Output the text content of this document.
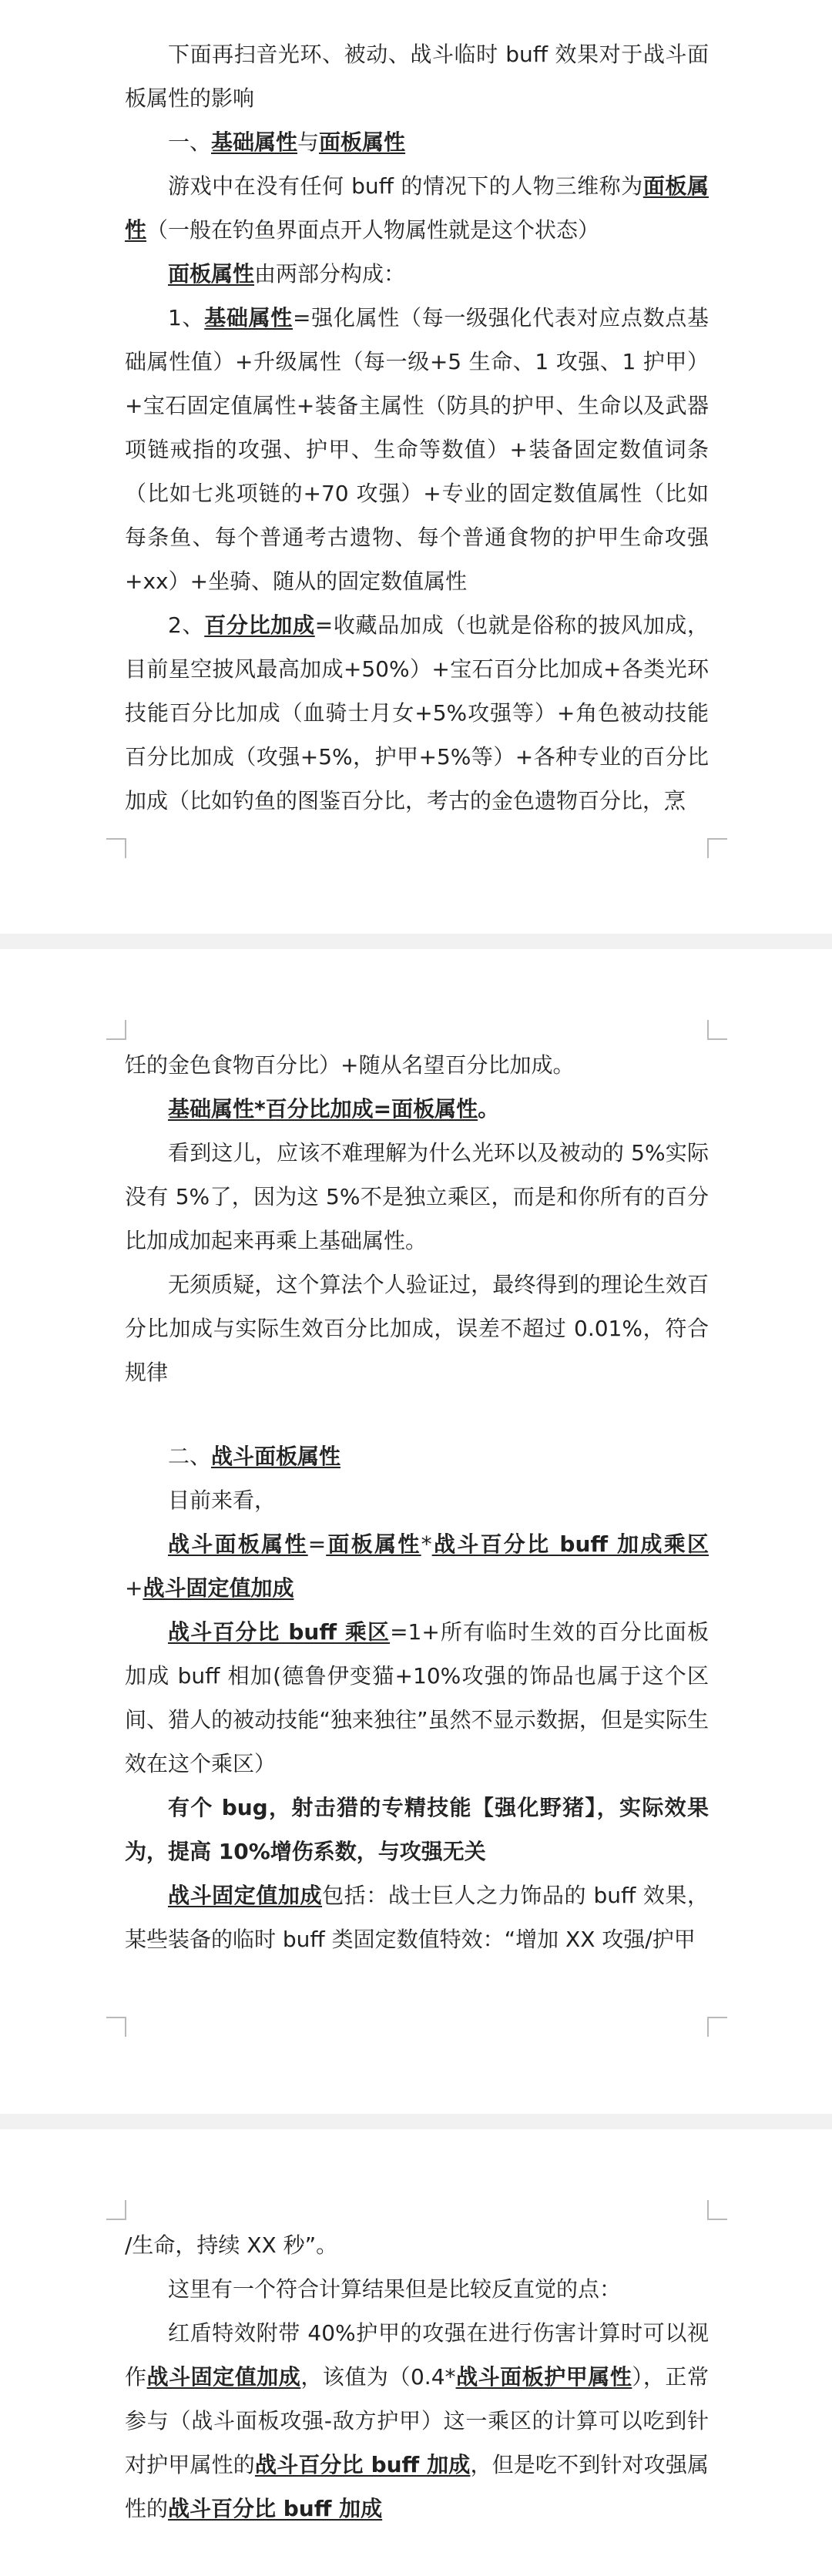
下面再扫音光环、被动、战斗临时 buff 效果对于战斗面板属性的影响

一、基础属性与面板属性

游戏中在没有任何 buff 的情况下的人物三维称为面板属性（一般在钓鱼界面点开人物属性就是这个状态）

面板属性由两部分构成：

1、基础属性=强化属性（每一级强化代表对应点数点基础属性值）+升级属性（每一级+5 生命、1 攻强、1 护甲）+宝石固定值属性+装备主属性（防具的护甲、生命以及武器项链戒指的攻强、护甲、生命等数值）+装备固定数值词条（比如七兆项链的+70 攻强）+专业的固定数值属性（比如每条鱼、每个普通考古遗物、每个普通食物的护甲生命攻强+xx）+坐骑、随从的固定数值属性

2、百分比加成=收藏品加成（也就是俗称的披风加成，目前星空披风最高加成+50%）+宝石百分比加成+各类光环技能百分比加成（血骑士月女+5%攻强等）+角色被动技能百分比加成（攻强+5%，护甲+5%等）+各种专业的百分比加成（比如钓鱼的图鉴百分比，考古的金色遗物百分比，烹

饪的金色食物百分比）+随从名望百分比加成。

基础属性*百分比加成=面板属性。

看到这儿，应该不难理解为什么光环以及被动的 5%实际没有 5%了，因为这 5%不是独立乘区，而是和你所有的百分比加成加起来再乘上基础属性。

无须质疑，这个算法个人验证过，最终得到的理论生效百分比加成与实际生效百分比加成，误差不超过 0.01%，符合规律

二、战斗面板属性

目前来看，

战斗面板属性=面板属性*战斗百分比 buff 加成乘区+战斗固定值加成

战斗百分比 buff 乘区=1+所有临时生效的百分比面板加成 buff 相加(德鲁伊变猫+10%攻强的饰品也属于这个区间、猎人的被动技能“独来独往”虽然不显示数据，但是实际生效在这个乘区）

有个 bug，射击猎的专精技能【强化野猪】，实际效果为，提高 10%增伤系数，与攻强无关

战斗固定值加成包括：战士巨人之力饰品的 buff 效果，某些装备的临时 buff 类固定数值特效：“增加 XX 攻强/护甲

/生命，持续 XX 秒”。

这里有一个符合计算结果但是比较反直觉的点：

红盾特效附带 40%护甲的攻强在进行伤害计算时可以视作战斗固定值加成，该值为（0.4*战斗面板护甲属性），正常参与（战斗面板攻强-敌方护甲）这一乘区的计算可以吃到针对护甲属性的战斗百分比 buff 加成，但是吃不到针对攻强属性的战斗百分比 buff 加成
